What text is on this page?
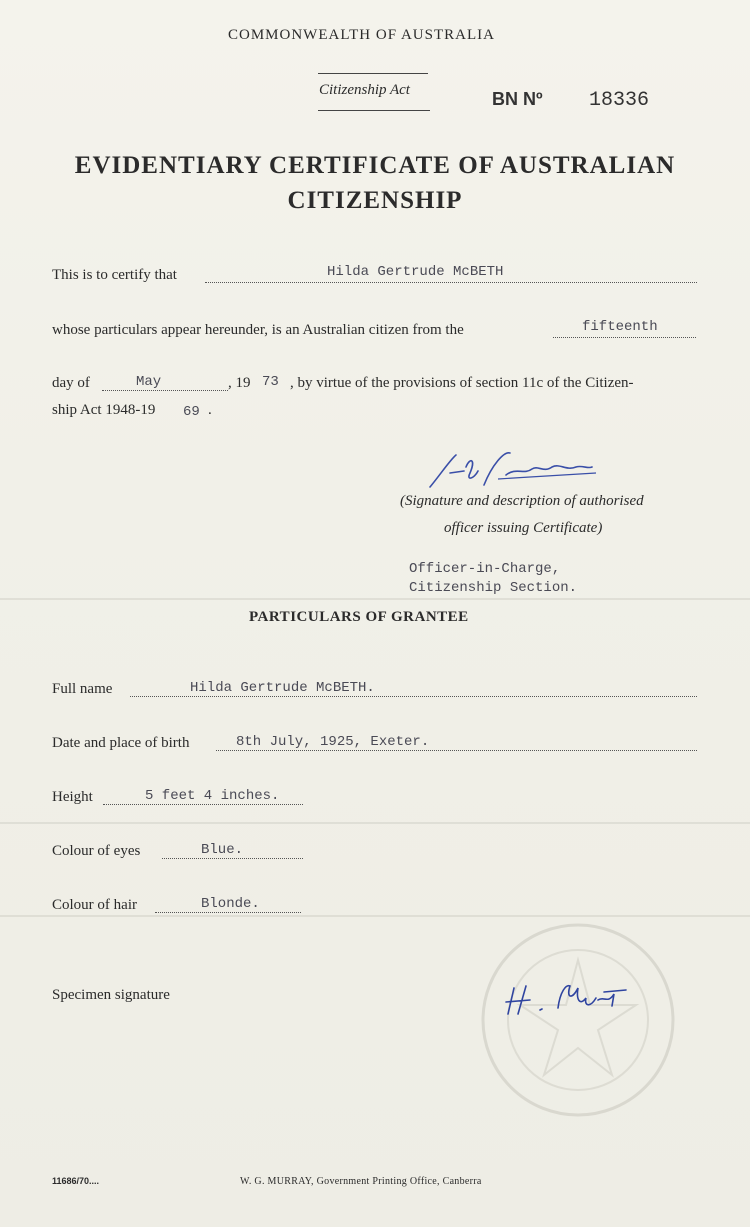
COMMONWEALTH OF AUSTRALIA
Citizenship Act	BN Nº 18336
EVIDENTIARY CERTIFICATE OF AUSTRALIAN
CITIZENSHIP
This is to certify that	Hilda Gertrude McBETH
whose particulars appear hereunder, is an Australian citizen from the	fifteenth
day of	May	, 19 73 , by virtue of the provisions of section 11c of the Citizen-
ship Act 1948-19 69 .
(Signature and description of authorised
officer issuing Certificate)
Officer-in-Charge,
Citizenship Section.
PARTICULARS OF GRANTEE
Full name	Hilda Gertrude McBETH.
Date and place of birth	8th July, 1925, Exeter.
Height	5 feet 4 inches.
Colour of eyes	Blue.
Colour of hair	Blonde.
Specimen signature
11686/70....	W. G. MURRAY, Government Printing Office, Canberra
